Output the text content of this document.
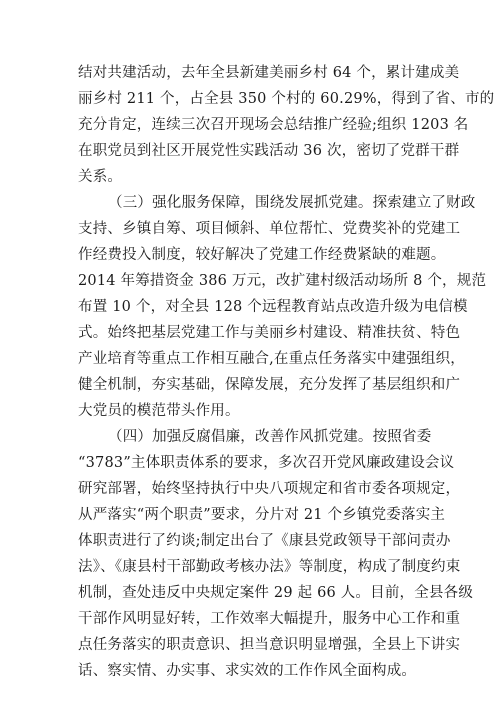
结对共建活动，去年全县新建美丽乡村 64 个，累计建成美
丽乡村 211 个，占全县 350 个村的 60.29%，得到了省、市的
充分肯定，连续三次召开现场会总结推广经验;组织 1203 名
在职党员到社区开展党性实践活动 36 次，密切了党群干群
关系。
（三）强化服务保障，围绕发展抓党建。探索建立了财政
支持、乡镇自筹、项目倾斜、单位帮忙、党费奖补的党建工
作经费投入制度，较好解决了党建工作经费紧缺的难题。
2014 年筹措资金 386 万元，改扩建村级活动场所 8 个，规范
布置 10 个，对全县 128 个远程教育站点改造升级为电信模
式。始终把基层党建工作与美丽乡村建设、精准扶贫、特色
产业培育等重点工作相互融合,在重点任务落实中建强组织，
健全机制，夯实基础，保障发展，充分发挥了基层组织和广
大党员的模范带头作用。
（四）加强反腐倡廉，改善作风抓党建。按照省委
“3783”主体职责体系的要求，多次召开党风廉政建设会议
研究部署，始终坚持执行中央八项规定和省市委各项规定，
从严落实“两个职责”要求，分片对 21 个乡镇党委落实主
体职责进行了约谈;制定出台了《康县党政领导干部问责办
法》、《康县村干部勤政考核办法》等制度，构成了制度约束
机制，查处违反中央规定案件 29 起 66 人。目前，全县各级
干部作风明显好转，工作效率大幅提升，服务中心工作和重
点任务落实的职责意识、担当意识明显增强，全县上下讲实
话、察实情、办实事、求实效的工作作风全面构成。
